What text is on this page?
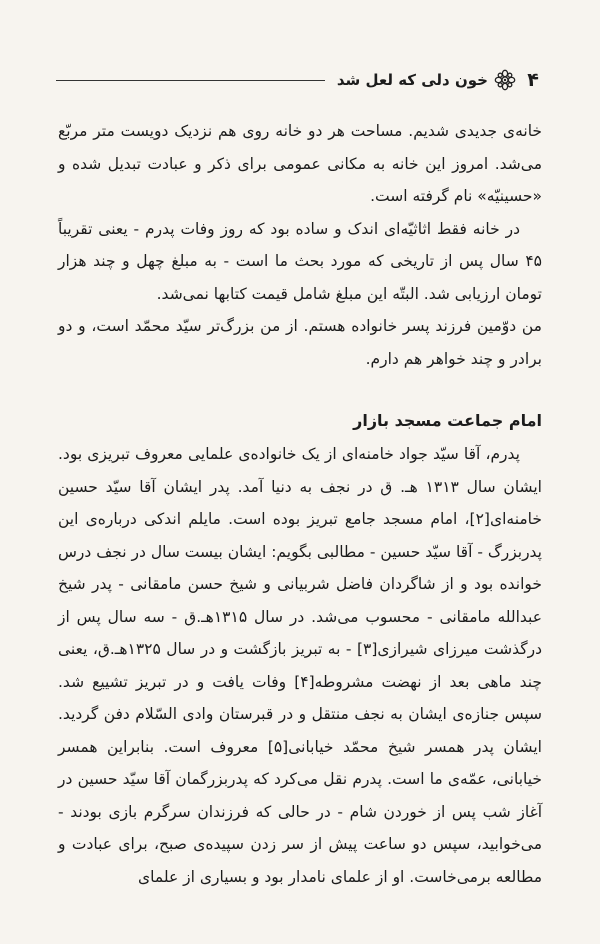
۴
خون دلی که لعل شد

خانه‌ی جدیدی شدیم. مساحت هر دو خانه روی هم نزدیک دویست متر مربّع می‌شد. امروز این خانه به مکانی عمومی برای ذکر و عبادت تبدیل شده و «حسینیّه» نام گرفته است.

در خانه فقط اثاثیّه‌ای اندک و ساده بود که روز وفات پدرم - یعنی تقریباً ۴۵ سال پس از تاریخی که مورد بحث ما است - به مبلغ چهل و چند هزار تومان ارزیابی شد. البتّه این مبلغ شامل قیمت کتابها نمی‌شد.

من دوّمین فرزند پسر خانواده هستم. از من بزرگ‌تر سیّد محمّد است، و دو برادر و چند خواهر هم دارم.

امام جماعت مسجد بازار

پدرم، آقا سیّد جواد خامنه‌ای از یک خانواده‌ی علمایی معروف تبریزی بود. ایشان سال ۱۳۱۳ هـ. ق در نجف به دنیا آمد. پدر ایشان آقا سیّد حسین خامنه‌ای[۲]، امام مسجد جامع تبریز بوده است. مایلم اندکی درباره‌ی این پدربزرگ - آقا سیّد حسین - مطالبی بگویم: ایشان بیست سال در نجف درس خوانده بود و از شاگردان فاضل شربیانی و شیخ حسن مامقانی - پدر شیخ عبدالله مامقانی - محسوب می‌شد. در سال ۱۳۱۵هـ.ق - سه سال پس از درگذشت میرزای شیرازی[۳] - به تبریز بازگشت و در سال ۱۳۲۵هـ.ق، یعنی چند ماهی بعد از نهضت مشروطه[۴] وفات یافت و در تبریز تشییع شد. سپس جنازه‌ی ایشان به نجف منتقل و در قبرستان وادی السّلام دفن گردید. ایشان پدر همسر شیخ محمّد خیابانی[۵] معروف است. بنابراین همسر خیابانی، عمّه‌ی ما است. پدرم نقل می‌کرد که پدربزرگمان آقا سیّد حسین در آغاز شب پس از خوردن شام - در حالی که فرزندان سرگرم بازی بودند - می‌خوابید، سپس دو ساعت پیش از سر زدن سپیده‌ی صبح، برای عبادت و مطالعه برمی‌خاست. او از علمای نامدار بود و بسیاری از علمای
